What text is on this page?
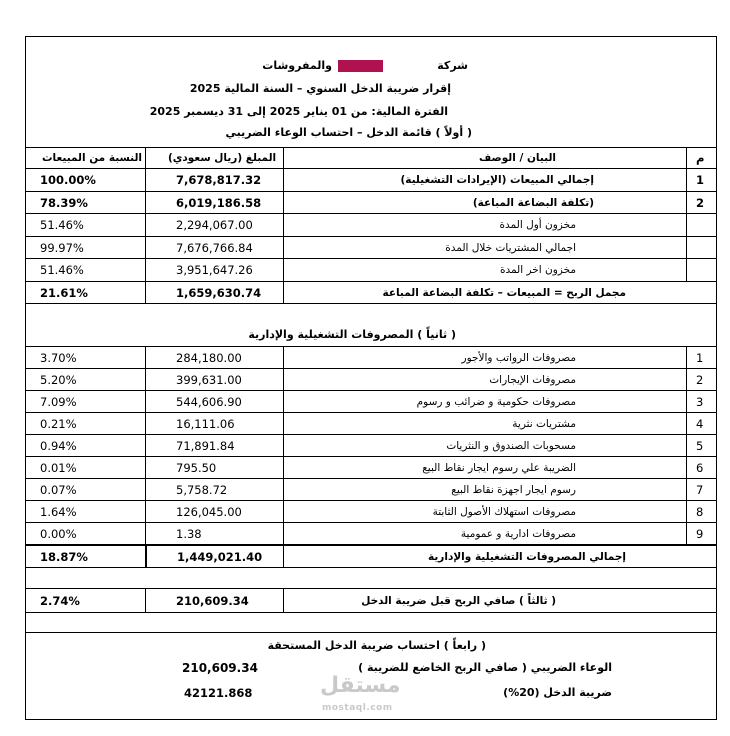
شركة
والمفروشات
إقرار ضريبة الدخل السنوي – السنة المالية 2025
الفترة المالية: من 01 يناير 2025 إلى 31 ديسمبر 2025
( أولاً ) قائمة الدخل – احتساب الوعاء الضريبي
النسبة من المبيعات	المبلغ (ريال سعودي)	البيان / الوصف	م
100.00%	7,678,817.32	إجمالي المبيعات (الإيرادات التشغيلية)	1
78.39%	6,019,186.58	(تكلفة البضاعة المباعة)	2
51.46%	2,294,067.00	مخزون أول المدة
99.97%	7,676,766.84	اجمالي المشتريات خلال المدة
51.46%	3,951,647.26	مخزون اخر المدة
21.61%	1,659,630.74	مجمل الربح = المبيعات – تكلفة البضاعة المباعة
( ثانياً ) المصروفات التشغيلية والإدارية
3.70%	284,180.00	مصروفات الرواتب والأجور	1
5.20%	399,631.00	مصروفات الإيجارات	2
7.09%	544,606.90	مصروفات حكومية و ضرائب و رسوم	3
0.21%	16,111.06	مشتريات نثرية	4
0.94%	71,891.84	مسحوبات الصندوق و النثريات	5
0.01%	795.50	الضريبة علي رسوم ايجار نقاط البيع	6
0.07%	5,758.72	رسوم ايجار اجهزة نقاط البيع	7
1.64%	126,045.00	مصروفات استهلاك الأصول الثابتة	8
0.00%	1.38	مصروفات ادارية و عمومية	9
18.87%	1,449,021.40	إجمالي المصروفات التشغيلية والإدارية
2.74%	210,609.34	( ثالثاً ) صافي الربح قبل ضريبة الدخل
( رابعاً ) احتساب ضريبة الدخل المستحقة
الوعاء الضريبي ( صافي الربح الخاضع للضريبة )
210,609.34
ضريبة الدخل (20%)
42121.868	مستقل
mostaql.com
